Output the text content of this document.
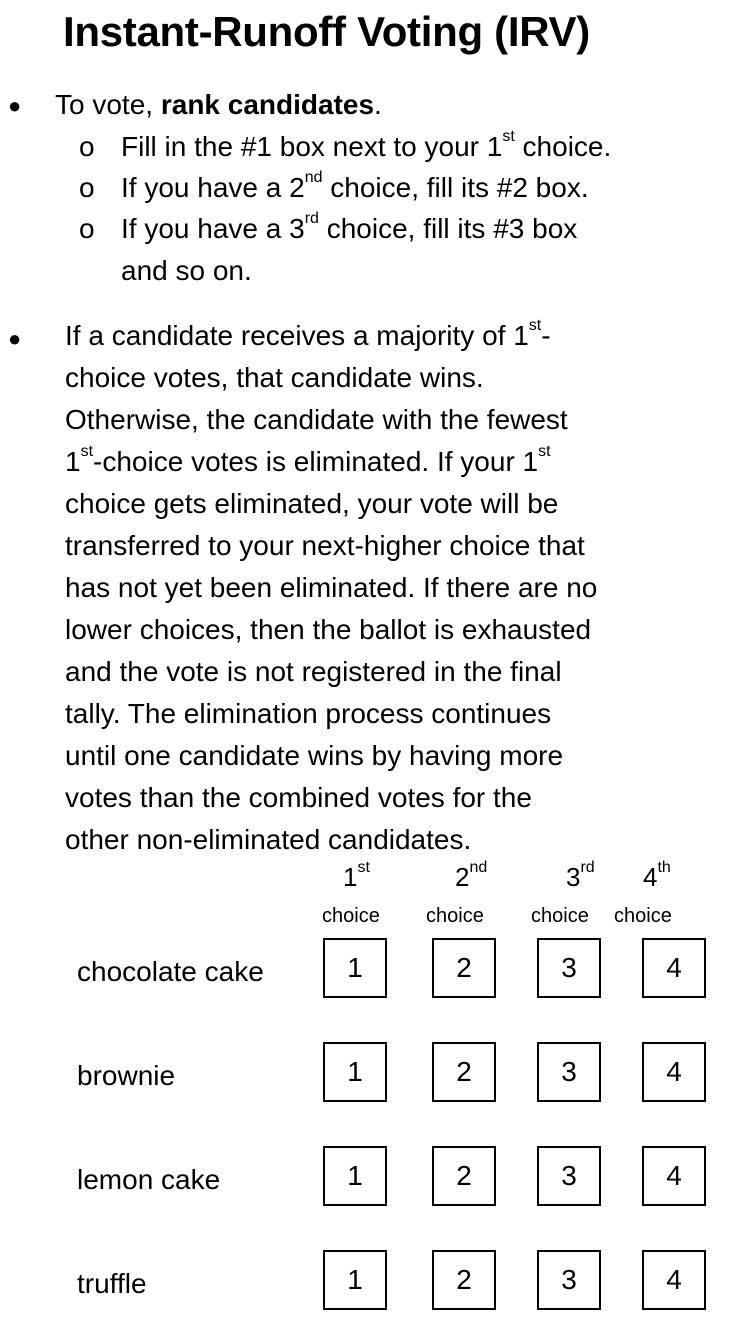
Instant-Runoff Voting (IRV)
● To vote, rank candidates.
o Fill in the #1 box next to your 1st choice.
o If you have a 2nd choice, fill its #2 box.
o If you have a 3rd choice, fill its #3 box
and so on.
● If a candidate receives a majority of 1st-
choice votes, that candidate wins.
Otherwise, the candidate with the fewest
1st-choice votes is eliminated. If your 1st
choice gets eliminated, your vote will be
transferred to your next-higher choice that
has not yet been eliminated. If there are no
lower choices, then the ballot is exhausted
and the vote is not registered in the final
tally. The elimination process continues
until one candidate wins by having more
votes than the combined votes for the
other non-eliminated candidates.
1st	2nd	3rd 4th
choice choice choice choice
chocolate cake	1	2	3	4
brownie	1	2	3	4
lemon cake	1	2	3	4
truffle	1	2	3	4
